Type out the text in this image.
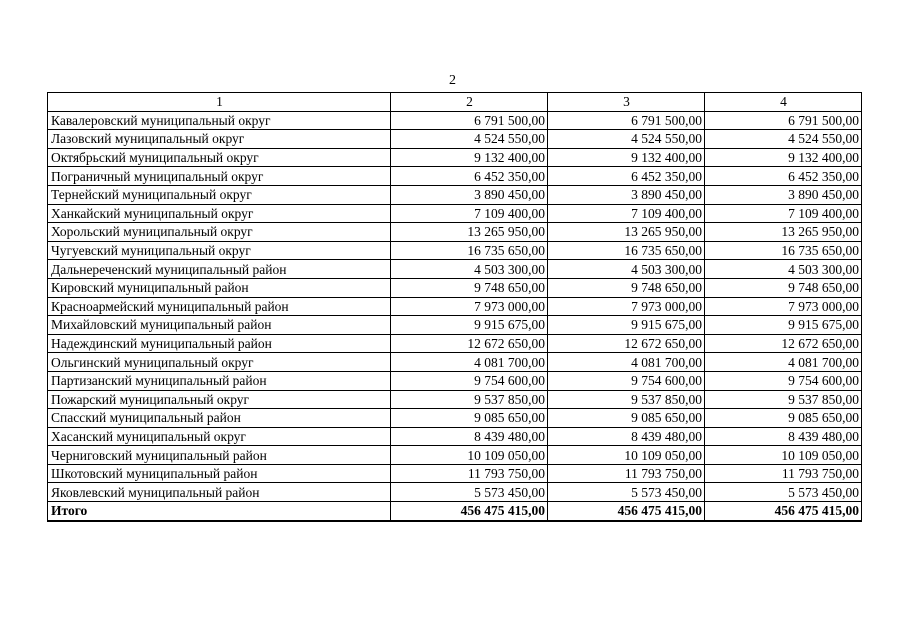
2
1	2	3	4
Кавалеровский муниципальный округ	6 791 500,00	6 791 500,00	6 791 500,00
Лазовский муниципальный округ	4 524 550,00	4 524 550,00	4 524 550,00
Октябрьский муниципальный округ	9 132 400,00	9 132 400,00	9 132 400,00
Пограничный муниципальный округ	6 452 350,00	6 452 350,00	6 452 350,00
Тернейский муниципальный округ	3 890 450,00	3 890 450,00	3 890 450,00
Ханкайский муниципальный округ	7 109 400,00	7 109 400,00	7 109 400,00
Хорольский муниципальный округ	13 265 950,00	13 265 950,00	13 265 950,00
Чугуевский муниципальный округ	16 735 650,00	16 735 650,00	16 735 650,00
Дальнереченский муниципальный район	4 503 300,00	4 503 300,00	4 503 300,00
Кировский муниципальный район	9 748 650,00	9 748 650,00	9 748 650,00
Красноармейский муниципальный район	7 973 000,00	7 973 000,00	7 973 000,00
Михайловский муниципальный район	9 915 675,00	9 915 675,00	9 915 675,00
Надеждинский муниципальный район	12 672 650,00	12 672 650,00	12 672 650,00
Ольгинский муниципальный округ	4 081 700,00	4 081 700,00	4 081 700,00
Партизанский муниципальный район	9 754 600,00	9 754 600,00	9 754 600,00
Пожарский муниципальный округ	9 537 850,00	9 537 850,00	9 537 850,00
Спасский муниципальный район	9 085 650,00	9 085 650,00	9 085 650,00
Хасанский муниципальный округ	8 439 480,00	8 439 480,00	8 439 480,00
Черниговский муниципальный район	10 109 050,00	10 109 050,00	10 109 050,00
Шкотовский муниципальный район	11 793 750,00	11 793 750,00	11 793 750,00
Яковлевский муниципальный район	5 573 450,00	5 573 450,00	5 573 450,00
Итого	456 475 415,00	456 475 415,00	456 475 415,00
